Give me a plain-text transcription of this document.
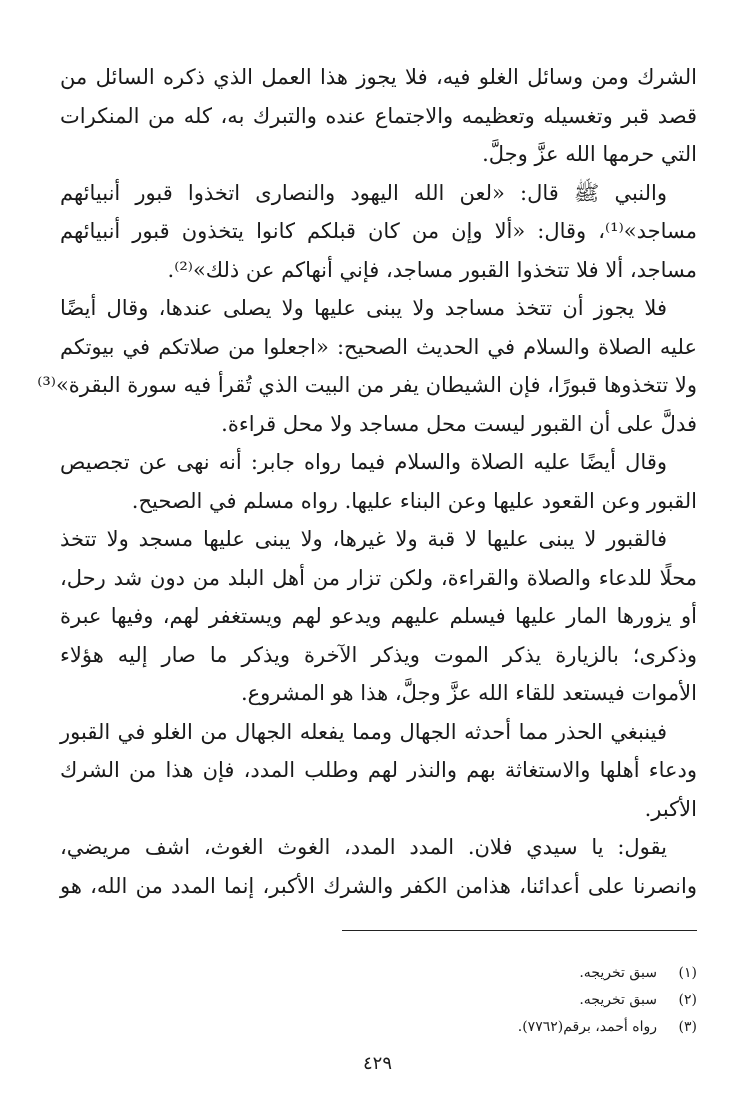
الشرك ومن وسائل الغلو فيه، فلا يجوز هذا العمل الذي ذكره السائل من
قصد قبر وتغسيله وتعظيمه والاجتماع عنده والتبرك به، كله من المنكرات
التي حرمها الله عزَّ وجلَّ.
والنبي ﷺ قال: «لعن الله اليهود والنصارى اتخذوا قبور أنبيائهم
مساجد»⁽¹⁾، وقال: «ألا وإن من كان قبلكم كانوا يتخذون قبور أنبيائهم
مساجد، ألا فلا تتخذوا القبور مساجد، فإني أنهاكم عن ذلك»⁽²⁾.
فلا يجوز أن تتخذ مساجد ولا يبنى عليها ولا يصلى عندها، وقال أيضًا
عليه الصلاة والسلام في الحديث الصحيح: «اجعلوا من صلاتكم في بيوتكم
ولا تتخذوها قبورًا، فإن الشيطان يفر من البيت الذي تُقرأ فيه سورة البقرة»⁽³⁾
فدلَّ على أن القبور ليست محل مساجد ولا محل قراءة.
وقال أيضًا عليه الصلاة والسلام فيما رواه جابر: أنه نهى عن تجصيص
القبور وعن القعود عليها وعن البناء عليها. رواه مسلم في الصحيح.
فالقبور لا يبنى عليها لا قبة ولا غيرها، ولا يبنى عليها مسجد ولا تتخذ
محلًا للدعاء والصلاة والقراءة، ولكن تزار من أهل البلد من دون شد رحل،
أو يزورها المار عليها فيسلم عليهم ويدعو لهم ويستغفر لهم، وفيها عبرة
وذكرى؛ بالزيارة يذكر الموت ويذكر الآخرة ويذكر ما صار إليه هؤلاء
الأموات فيستعد للقاء الله عزَّ وجلَّ، هذا هو المشروع.
فينبغي الحذر مما أحدثه الجهال ومما يفعله الجهال من الغلو في القبور
ودعاء أهلها والاستغاثة بهم والنذر لهم وطلب المدد، فإن هذا من الشرك
الأكبر.
يقول: يا سيدي فلان. المدد المدد، الغوث الغوث، اشف مريضي،
وانصرنا على أعدائنا، هذامن الكفر والشرك الأكبر، إنما المدد من الله، هو
(١)سبق تخريجه.
(٢)سبق تخريجه.
(٣)رواه أحمد، برقم(٧٧٦٢).
٤٢٩
